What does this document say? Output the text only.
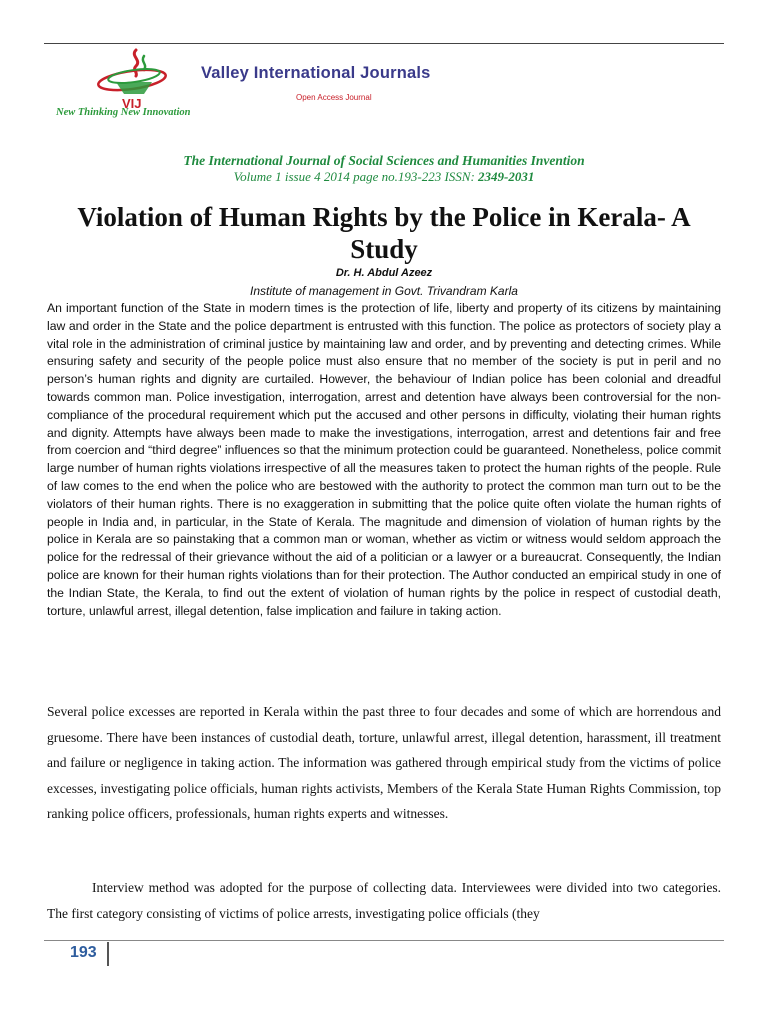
VIJ
Valley International Journals
Open Access Journal
New Thinking New Innovation
The International Journal of Social Sciences and Humanities Invention
Volume 1 issue 4 2014 page no.193-223 ISSN: 2349-2031
Violation of Human Rights by the Police in Kerala- A Study
Dr. H. Abdul Azeez
Institute of management in Govt. Trivandram Karla

An important function of the State in modern times is the protection of life, liberty and property of its citizens by maintaining law and order in the State and the police department is entrusted with this function. The police as protectors of society play a vital role in the administration of criminal justice by maintaining law and order, and by preventing and detecting crimes. While ensuring safety and security of the people police must also ensure that no member of the society is put in peril and no person’s human rights and dignity are curtailed. However, the behaviour of Indian police has been colonial and dreadful towards common man. Police investigation, interrogation, arrest and detention have always been controversial for the non-compliance of the procedural requirement which put the accused and other persons in difficulty, violating their human rights and dignity. Attempts have always been made to make the investigations, interrogation, arrest and detentions fair and free from coercion and “third degree” influences so that the minimum protection could be guaranteed. Nonetheless, police commit large number of human rights violations irrespective of all the measures taken to protect the human rights of the people. Rule of law comes to the end when the police who are bestowed with the authority to protect the common man turn out to be the violators of their human rights. There is no exaggeration in submitting that the police quite often violate the human rights of people in India and, in particular, in the State of Kerala. The magnitude and dimension of violation of human rights by the police in Kerala are so painstaking that a common man or woman, whether as victim or witness would seldom approach the police for the redressal of their grievance without the aid of a politician or a lawyer or a bureaucrat. Consequently, the Indian police are known for their human rights violations than for their protection. The Author conducted an empirical study in one of the Indian State, the Kerala, to find out the extent of violation of human rights by the police in respect of custodial death, torture, unlawful arrest, illegal detention, false implication and failure in taking action.

Several police excesses are reported in Kerala within the past three to four decades and some of which are horrendous and gruesome. There have been instances of custodial death, torture, unlawful arrest, illegal detention, harassment, ill treatment and failure or negligence in taking action. The information was gathered through empirical study from the victims of police excesses, investigating police officials, human rights activists, Members of the Kerala State Human Rights Commission, top ranking police officers, professionals, human rights experts and witnesses.

Interview method was adopted for the purpose of collecting data. Interviewees were divided into two categories. The first category consisting of victims of police arrests, investigating police officials (they

193
